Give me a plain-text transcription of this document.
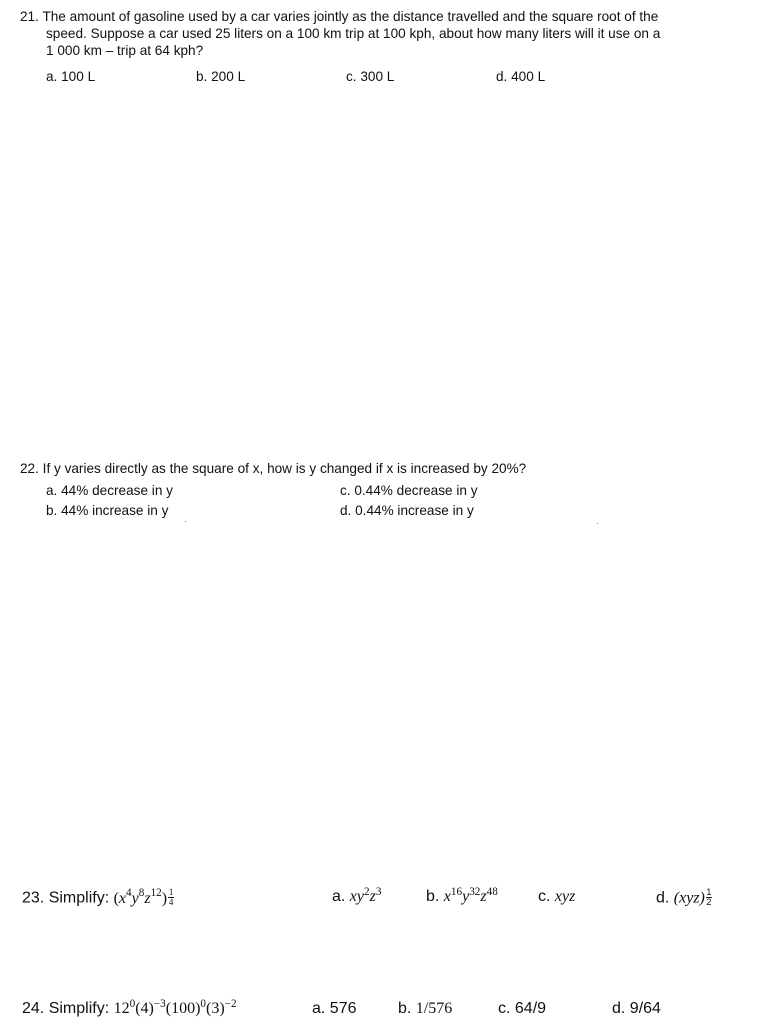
21. The amount of gasoline used by a car varies jointly as the distance travelled and the square root of the
speed. Suppose a car used 25 liters on a 100 km trip at 100 kph, about how many liters will it use on a
1 000 km – trip at 64 kph?
a. 100 L	b. 200 L	c. 300 L	d. 400 L
22. If y varies directly as the square of x, how is y changed if x is increased by 20%?
a. 44% decrease in y
b. 44% increase in y
c. 0.44% decrease in y
d. 0.44% increase in y
·	·
23. Simplify: $(x^4y^8z^{12}) \frac{1}{4}$	a. $xy^2z^3$	b. $x^{16}y^{32}z^{48}$	c. xyz	d. $(xyz) \frac{1}{2}$
24. Simplify: $12^0(4)^{-3}(100)^0(3)^{-2}$	a. 576	b. 1/576	c. 64/9	d. 9/64
